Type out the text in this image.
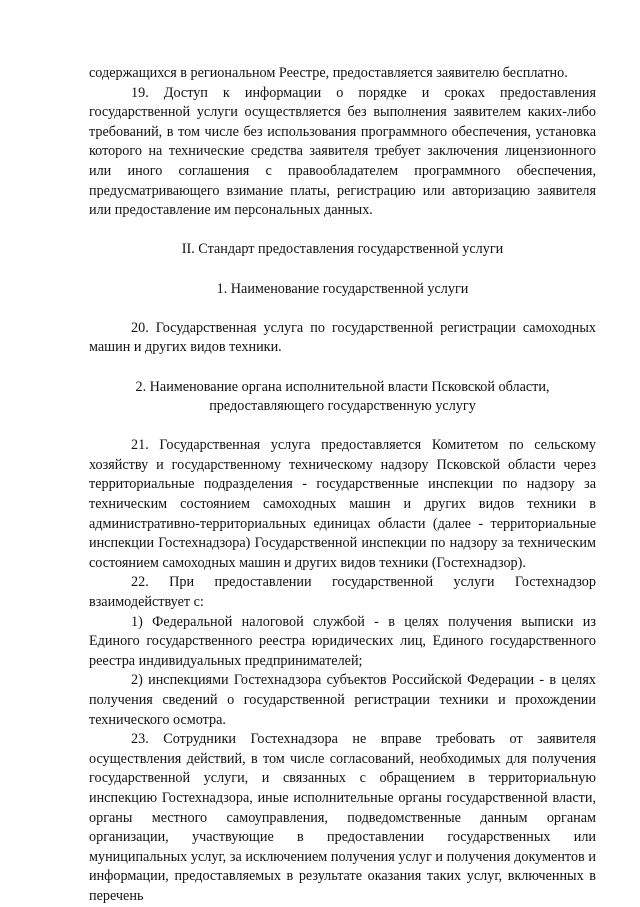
содержащихся в региональном Реестре, предоставляется заявителю бесплатно.

19. Доступ к информации о порядке и сроках предоставления государственной услуги осуществляется без выполнения заявителем каких-либо требований, в том числе без использования программного обеспечения, установка которого на технические средства заявителя требует заключения лицензионного или иного соглашения с правообладателем программного обеспечения, предусматривающего взимание платы, регистрацию или авторизацию заявителя или предоставление им персональных данных.

II. Стандарт предоставления государственной услуги

1. Наименование государственной услуги

20. Государственная услуга по государственной регистрации самоходных машин и других видов техники.

2. Наименование органа исполнительной власти Псковской области,

предоставляющего государственную услугу

21. Государственная услуга предоставляется Комитетом по сельскому хозяйству и государственному техническому надзору Псковской области через территориальные подразделения - государственные инспекции по надзору за техническим состоянием самоходных машин и других видов техники в административно-территориальных единицах области (далее - территориальные инспекции Гостехнадзора) Государственной инспекции по надзору за техническим состоянием самоходных машин и других видов техники (Гостехнадзор).

22. При предоставлении государственной услуги Гостехнадзор взаимодействует с:

1) Федеральной налоговой службой - в целях получения выписки из Единого государственного реестра юридических лиц, Единого государственного реестра индивидуальных предпринимателей;

2) инспекциями Гостехнадзора субъектов Российской Федерации - в целях получения сведений о государственной регистрации техники и прохождении технического осмотра.

23. Сотрудники Гостехнадзора не вправе требовать от заявителя осуществления действий, в том числе согласований, необходимых для получения государственной услуги, и связанных с обращением в территориальную инспекцию Гостехнадзора, иные исполнительные органы государственной власти, органы местного самоуправления, подведомственные данным органам организации, участвующие в предоставлении государственных или муниципальных услуг, за исключением получения услуг и получения документов и информации, предоставляемых в результате оказания таких услуг, включенных в перечень
